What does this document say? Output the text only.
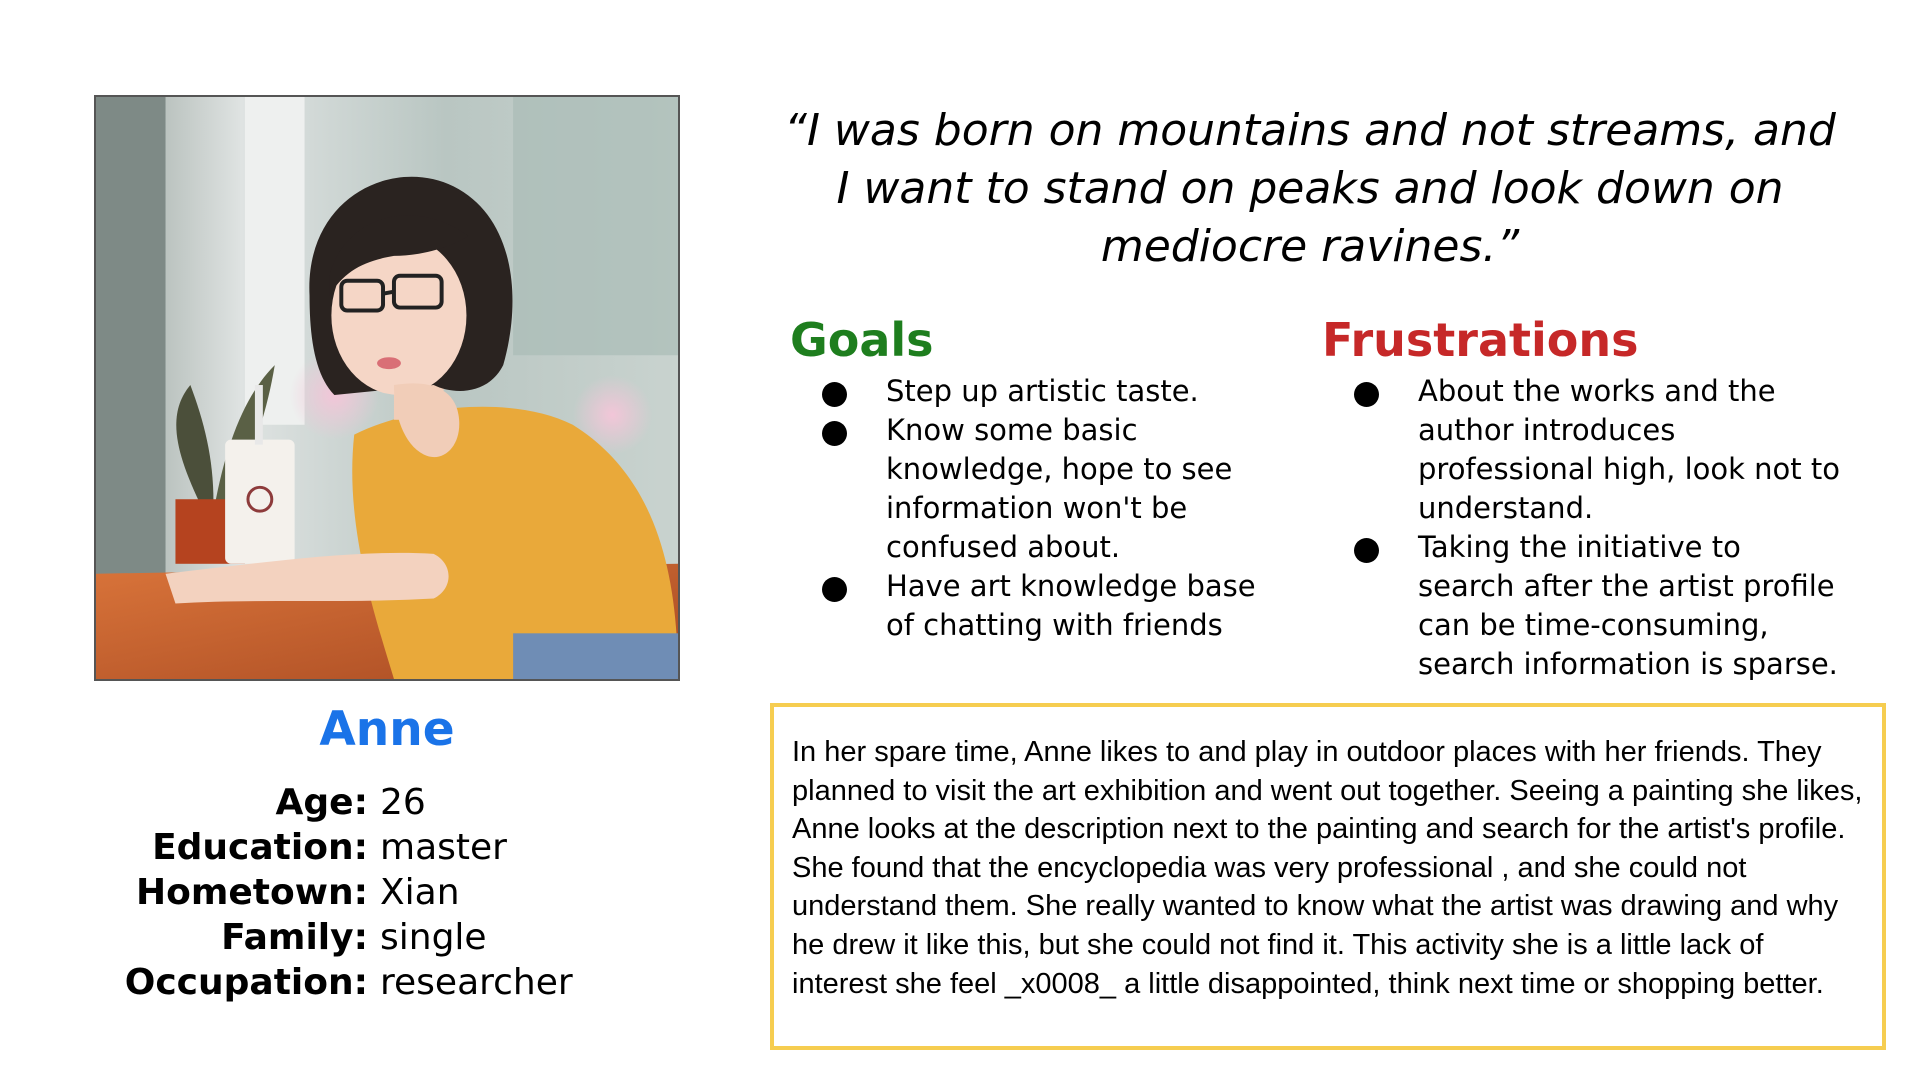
Anne
Age: 26
Education: master
Hometown: Xian
Family: single
Occupation: researcher
“I was born on mountains and not streams, and I want to stand on peaks and look down on mediocre ravines.”
Goals
Step up artistic taste.
Know some basic knowledge, hope to see information won't be confused about.
Have art knowledge base of chatting with friends
Frustrations
About the works and the author introduces professional high, look not to understand.
Taking the initiative to search after the artist profile can be time-consuming, search information is sparse.
In her spare time, Anne likes to and play in outdoor places with her friends. They planned to visit the art exhibition and went out together. Seeing a painting she likes, Anne looks at the description next to the painting and search for the artist's profile. She found that the encyclopedia was very professional , and she could not understand them. She really wanted to know what the artist was drawing and why he drew it like this, but she could not find it. This activity she is a little lack of interest she feel _x0008_ a little disappointed, think next time or shopping better.
